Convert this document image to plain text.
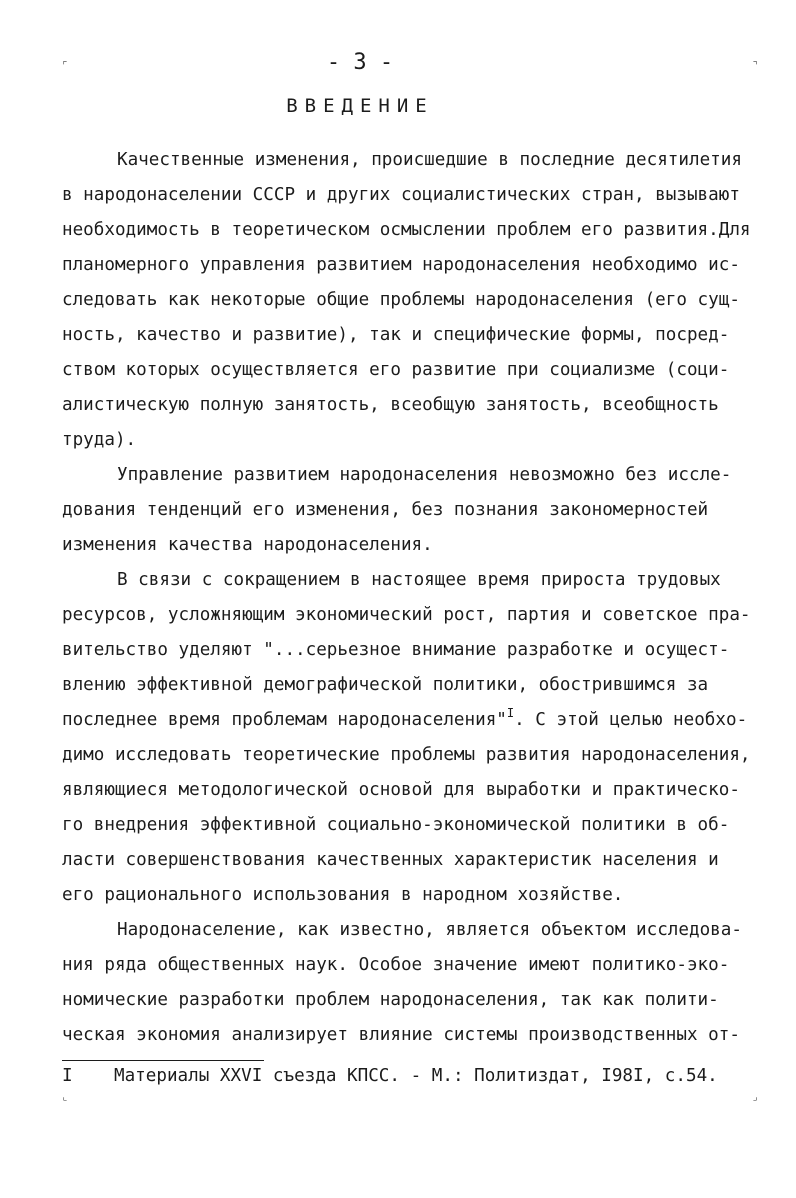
- 3 -
ВВЕДЕНИЕ
Качественные изменения, происшедшие в последние десятилетия
в народонаселении СССР и других социалистических стран, вызывают
необходимость в теоретическом осмыслении проблем его развития.Для
планомерного управления развитием народонаселения необходимо ис-
следовать как некоторые общие проблемы народонаселения (его сущ-
ность, качество и развитие), так и специфические формы, посред-
ством которых осуществляется его развитие при социализме (соци-
алистическую полную занятость, всеобщую занятость, всеобщность
труда).
Управление развитием народонаселения невозможно без иссле-
дования тенденций его изменения, без познания закономерностей
изменения качества народонаселения.
В связи с сокращением в настоящее время прироста трудовых
ресурсов, усложняющим экономический рост, партия и советское пра-
вительство уделяют "...серьезное внимание разработке и осущест-
влению эффективной демографической политики, обострившимся за
последнее время проблемам народонаселения"$^I$. С этой целью необхо-
димо исследовать теоретические проблемы развития народонаселения,
являющиеся методологической основой для выработки и практическо-
го внедрения эффективной социально-экономической политики в об-
ласти совершенствования качественных характеристик населения и
его рационального использования в народном хозяйстве.
Народонаселение, как известно, является объектом исследова-
ния ряда общественных наук. Особое значение имеют политико-эко-
номические разработки проблем народонаселения, так как полити-
ческая экономия анализирует влияние системы производственных от-

I

Материалы XXVI съезда КПСС. - М.: Политиздат, I98I, с.54.

⌜	⌝
⌞	⌟
